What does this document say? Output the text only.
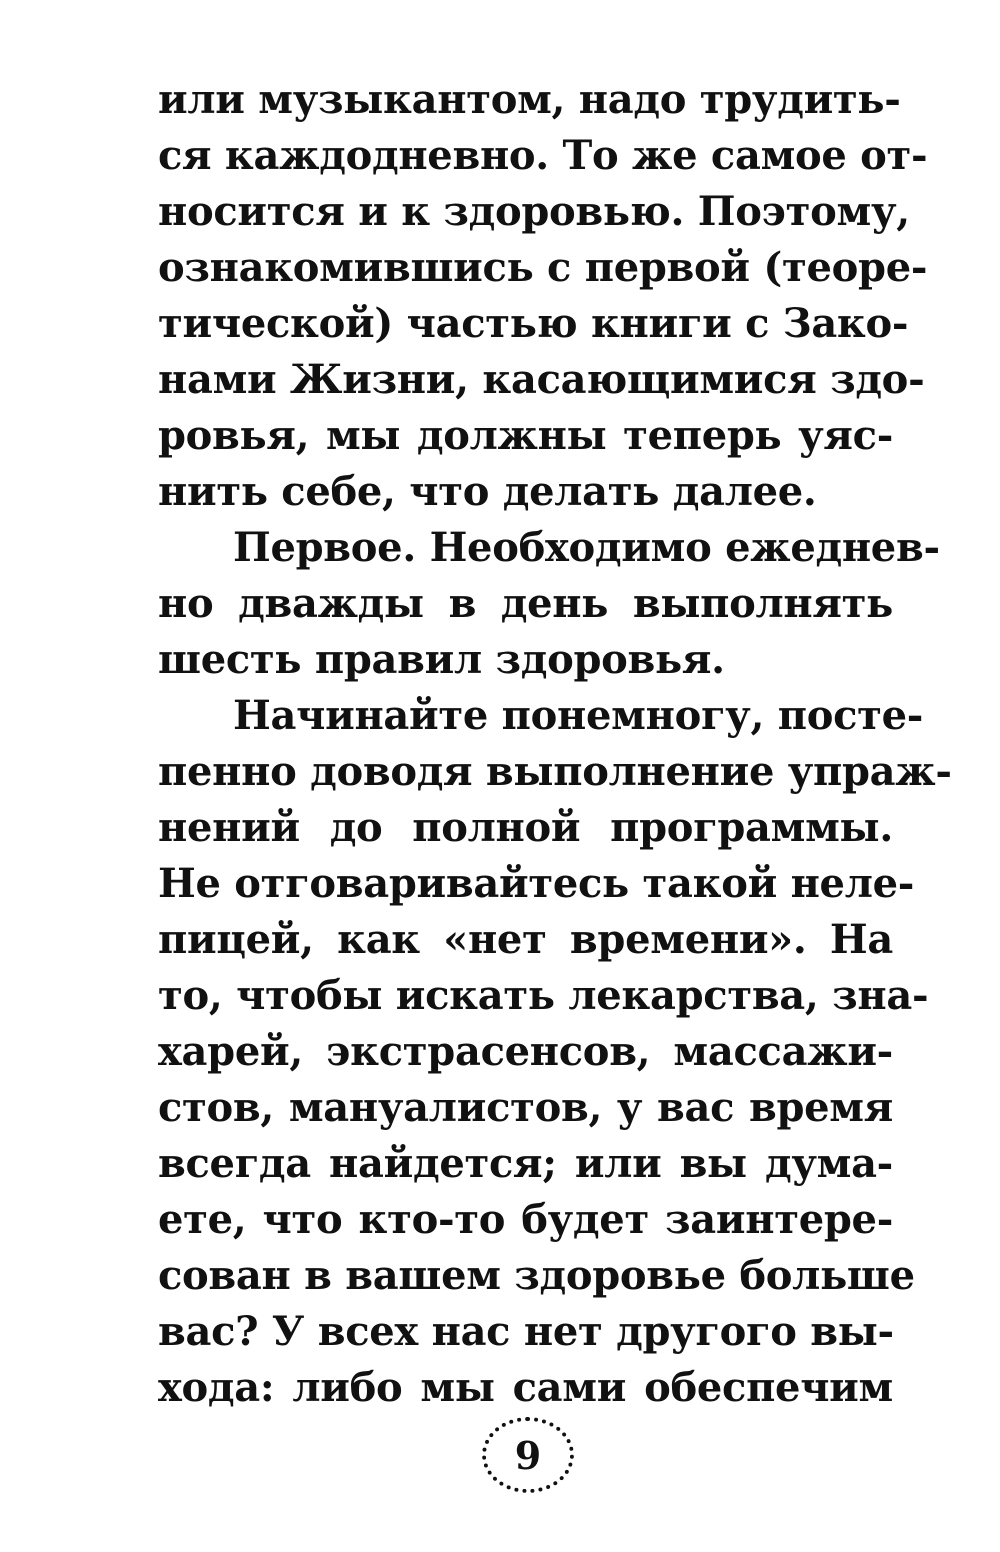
или музыкантом, надо трудить-
ся каждодневно. То же самое от-
носится и к здоровью. Поэтому,
ознакомившись с первой (теоре-
тической) частью книги с Зако-
нами Жизни, касающимися здо-
ровья, мы должны теперь уяс-
нить себе, что делать далее.
Первое. Необходимо ежеднев-
но дважды в день выполнять
шесть правил здоровья.
Начинайте понемногу, посте-
пенно доводя выполнение упраж-
нений до полной программы.
Не отговаривайтесь такой неле-
пицей, как «нет времени». На
то, чтобы искать лекарства, зна-
харей, экстрасенсов, массажи-
стов, мануалистов, у вас время
всегда найдется; или вы дума-
ете, что кто-то будет заинтере-
сован в вашем здоровье больше
вас? У всех нас нет другого вы-
хода: либо мы сами обеспечим
9
